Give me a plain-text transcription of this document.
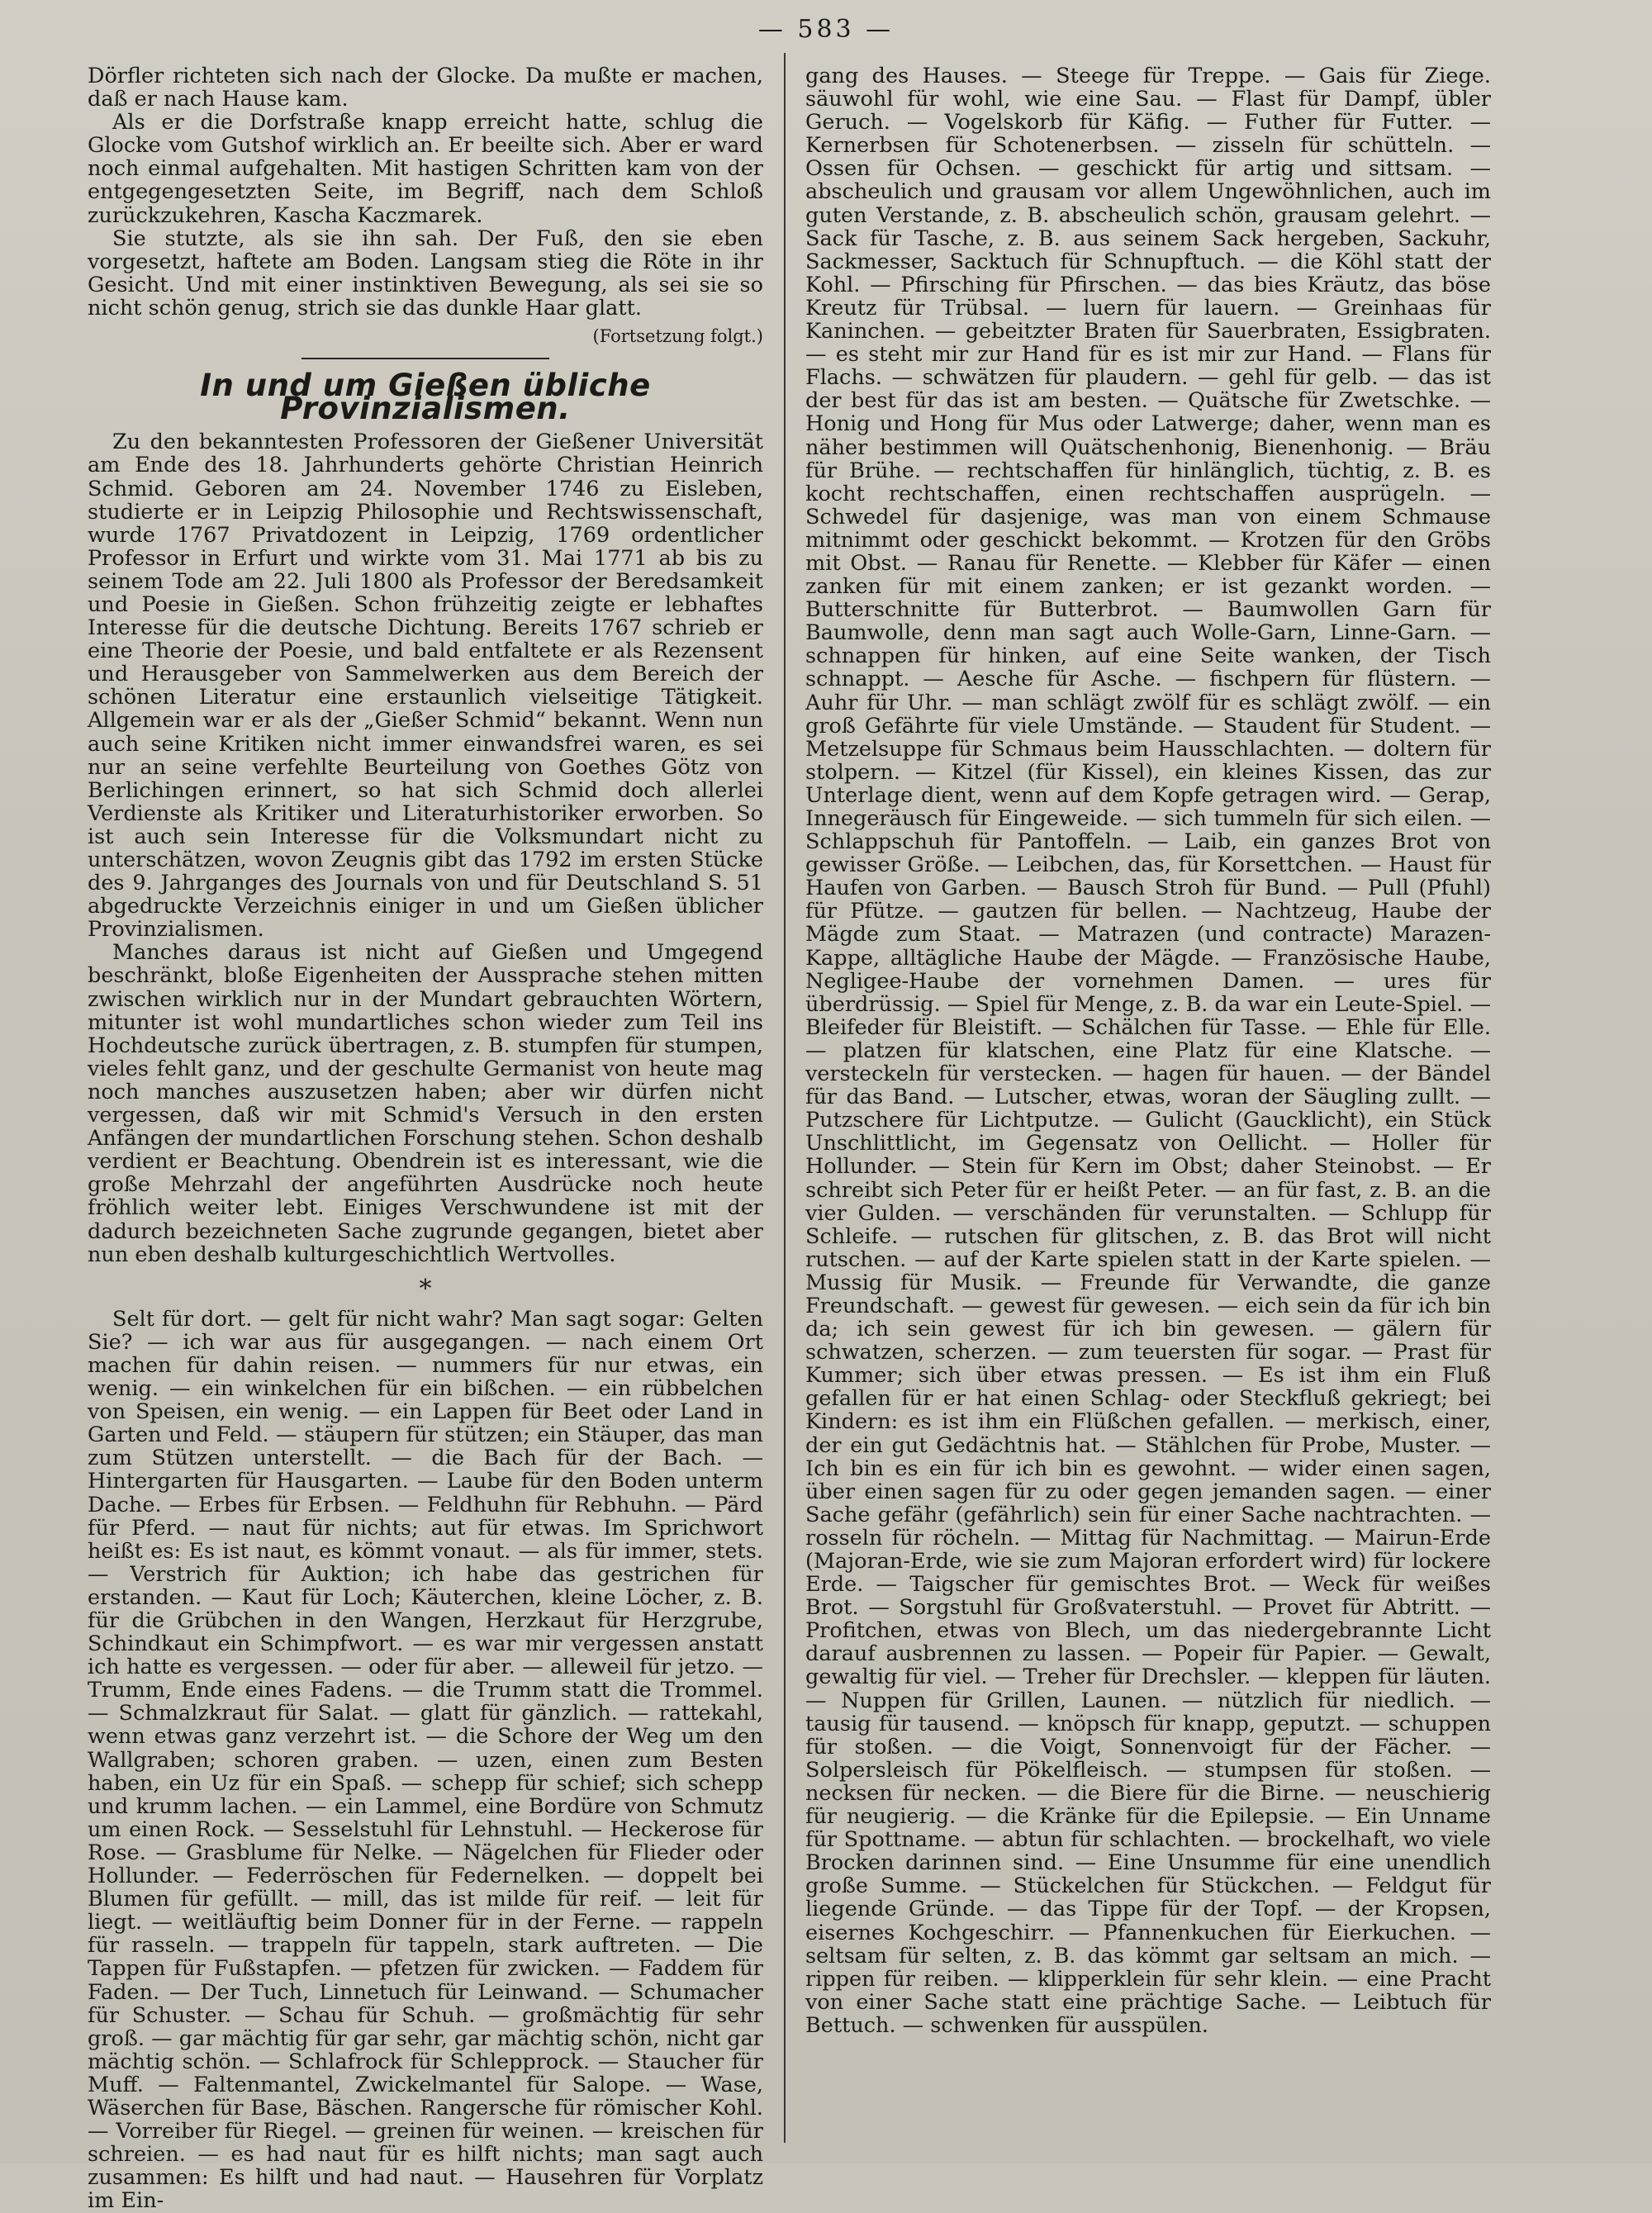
— 583 —

Dörfler richteten sich nach der Glocke. Da mußte er machen, daß er nach Hause kam.

Als er die Dorfstraße knapp erreicht hatte, schlug die Glocke vom Gutshof wirklich an. Er beeilte sich. Aber er ward noch einmal aufgehalten. Mit hastigen Schritten kam von der entgegengesetzten Seite, im Begriff, nach dem Schloß zurückzukehren, Kascha Kaczmarek.

Sie stutzte, als sie ihn sah. Der Fuß, den sie eben vorgesetzt, haftete am Boden. Langsam stieg die Röte in ihr Gesicht. Und mit einer instinktiven Bewegung, als sei sie so nicht schön genug, strich sie das dunkle Haar glatt.

(Fortsetzung folgt.)
In und um Gießen übliche Provinzialismen.

Zu den bekanntesten Professoren der Gießener Universität am Ende des 18. Jahrhunderts gehörte Christian Heinrich Schmid. Geboren am 24. November 1746 zu Eisleben, studierte er in Leipzig Philosophie und Rechtswissenschaft, wurde 1767 Privatdozent in Leipzig, 1769 ordentlicher Professor in Erfurt und wirkte vom 31. Mai 1771 ab bis zu seinem Tode am 22. Juli 1800 als Professor der Beredsamkeit und Poesie in Gießen. Schon frühzeitig zeigte er lebhaftes Interesse für die deutsche Dichtung. Bereits 1767 schrieb er eine Theorie der Poesie, und bald entfaltete er als Rezensent und Herausgeber von Sammelwerken aus dem Bereich der schönen Literatur eine erstaunlich vielseitige Tätigkeit. Allgemein war er als der „Gießer Schmid“ bekannt. Wenn nun auch seine Kritiken nicht immer einwandsfrei waren, es sei nur an seine verfehlte Beurteilung von Goethes Götz von Berlichingen erinnert, so hat sich Schmid doch allerlei Verdienste als Kritiker und Literaturhistoriker erworben. So ist auch sein Interesse für die Volksmundart nicht zu unterschätzen, wovon Zeugnis gibt das 1792 im ersten Stücke des 9. Jahrganges des Journals von und für Deutschland S. 51 abgedruckte Verzeichnis einiger in und um Gießen üblicher Provinzialismen.

Manches daraus ist nicht auf Gießen und Umgegend beschränkt, bloße Eigenheiten der Aussprache stehen mitten zwischen wirklich nur in der Mundart gebrauchten Wörtern, mitunter ist wohl mundartliches schon wieder zum Teil ins Hochdeutsche zurück übertragen, z. B. stumpfen für stumpen, vieles fehlt ganz, und der geschulte Germanist von heute mag noch manches auszusetzen haben; aber wir dürfen nicht vergessen, daß wir mit Schmid's Versuch in den ersten Anfängen der mundartlichen Forschung stehen. Schon deshalb verdient er Beachtung. Obendrein ist es interessant, wie die große Mehrzahl der angeführten Ausdrücke noch heute fröhlich weiter lebt. Einiges Verschwundene ist mit der dadurch bezeichneten Sache zugrunde gegangen, bietet aber nun eben deshalb kulturgeschichtlich Wertvolles.

*

Selt für dort. — gelt für nicht wahr? Man sagt sogar: Gelten Sie? — ich war aus für ausgegangen. — nach einem Ort machen für dahin reisen. — nummers für nur etwas, ein wenig. — ein winkelchen für ein bißchen. — ein rübbelchen von Speisen, ein wenig. — ein Lappen für Beet oder Land in Garten und Feld. — stäupern für stützen; ein Stäuper, das man zum Stützen unterstellt. — die Bach für der Bach. — Hintergarten für Hausgarten. — Laube für den Boden unterm Dache. — Erbes für Erbsen. — Feldhuhn für Rebhuhn. — Pärd für Pferd. — naut für nichts; aut für etwas. Im Sprichwort heißt es: Es ist naut, es kömmt vonaut. — als für immer, stets. — Verstrich für Auktion; ich habe das gestrichen für erstanden. — Kaut für Loch; Käuterchen, kleine Löcher, z. B. für die Grübchen in den Wangen, Herzkaut für Herzgrube, Schindkaut ein Schimpfwort. — es war mir vergessen anstatt ich hatte es vergessen. — oder für aber. — alleweil für jetzo. — Trumm, Ende eines Fadens. — die Trumm statt die Trommel. — Schmalzkraut für Salat. — glatt für gänzlich. — rattekahl, wenn etwas ganz verzehrt ist. — die Schore der Weg um den Wallgraben; schoren graben. — uzen, einen zum Besten haben, ein Uz für ein Spaß. — schepp für schief; sich schepp und krumm lachen. — ein Lammel, eine Bordüre von Schmutz um einen Rock. — Sesselstuhl für Lehnstuhl. — Heckerose für Rose. — Grasblume für Nelke. — Nägelchen für Flieder oder Hollunder. — Federröschen für Federnelken. — doppelt bei Blumen für gefüllt. — mill, das ist milde für reif. — leit für liegt. — weitläuftig beim Donner für in der Ferne. — rappeln für rasseln. — trappeln für tappeln, stark auftreten. — Die Tappen für Fußstapfen. — pfetzen für zwicken. — Faddem für Faden. — Der Tuch, Linnetuch für Leinwand. — Schumacher für Schuster. — Schau für Schuh. — großmächtig für sehr groß. — gar mächtig für gar sehr, gar mächtig schön, nicht gar mächtig schön. — Schlafrock für Schlepprock. — Staucher für Muff. — Faltenmantel, Zwickelmantel für Salope. — Wase, Wäserchen für Base, Bäschen. Rangersche für römischer Kohl. — Vorreiber für Riegel. — greinen für weinen. — kreischen für schreien. — es had naut für es hilft nichts; man sagt auch zusammen: Es hilft und had naut. — Hausehren für Vorplatz im Ein-

gang des Hauses. — Steege für Treppe. — Gais für Ziege. säuwohl für wohl, wie eine Sau. — Flast für Dampf, übler Geruch. — Vogelskorb für Käfig. — Futher für Futter. — Kernerbsen für Schotenerbsen. — zisseln für schütteln. — Ossen für Ochsen. — geschickt für artig und sittsam. — abscheulich und grausam vor allem Ungewöhnlichen, auch im guten Verstande, z. B. abscheulich schön, grausam gelehrt. — Sack für Tasche, z. B. aus seinem Sack hergeben, Sackuhr, Sackmesser, Sacktuch für Schnupftuch. — die Köhl statt der Kohl. — Pfirsching für Pfirschen. — das bies Kräutz, das böse Kreutz für Trübsal. — luern für lauern. — Greinhaas für Kaninchen. — gebeitzter Braten für Sauerbraten, Essigbraten. — es steht mir zur Hand für es ist mir zur Hand. — Flans für Flachs. — schwätzen für plaudern. — gehl für gelb. — das ist der best für das ist am besten. — Quätsche für Zwetschke. — Honig und Hong für Mus oder Latwerge; daher, wenn man es näher bestimmen will Quätschenhonig, Bienenhonig. — Bräu für Brühe. — rechtschaffen für hinlänglich, tüchtig, z. B. es kocht rechtschaffen, einen rechtschaffen ausprügeln. — Schwedel für dasjenige, was man von einem Schmause mitnimmt oder geschickt bekommt. — Krotzen für den Gröbs mit Obst. — Ranau für Renette. — Klebber für Käfer — einen zanken für mit einem zanken; er ist gezankt worden. — Butterschnitte für Butterbrot. — Baumwollen Garn für Baumwolle, denn man sagt auch Wolle-Garn, Linne-Garn. — schnappen für hinken, auf eine Seite wanken, der Tisch schnappt. — Aesche für Asche. — fischpern für flüstern. — Auhr für Uhr. — man schlägt zwölf für es schlägt zwölf. — ein groß Gefährte für viele Umstände. — Staudent für Student. — Metzelsuppe für Schmaus beim Hausschlachten. — doltern für stolpern. — Kitzel (für Kissel), ein kleines Kissen, das zur Unterlage dient, wenn auf dem Kopfe getragen wird. — Gerap, Innegeräusch für Eingeweide. — sich tummeln für sich eilen. — Schlappschuh für Pantoffeln. — Laib, ein ganzes Brot von gewisser Größe. — Leibchen, das, für Korsettchen. — Haust für Haufen von Garben. — Bausch Stroh für Bund. — Pull (Pfuhl) für Pfütze. — gautzen für bellen. — Nachtzeug, Haube der Mägde zum Staat. — Matrazen (und contracte) Marazen-Kappe, alltägliche Haube der Mägde. — Französische Haube, Negligee-Haube der vornehmen Damen. — ures für überdrüssig. — Spiel für Menge, z. B. da war ein Leute-Spiel. — Bleifeder für Bleistift. — Schälchen für Tasse. — Ehle für Elle. — platzen für klatschen, eine Platz für eine Klatsche. — versteckeln für verstecken. — hagen für hauen. — der Bändel für das Band. — Lutscher, etwas, woran der Säugling zullt. — Putzschere für Lichtputze. — Gulicht (Gaucklicht), ein Stück Unschlittlicht, im Gegensatz von Oellicht. — Holler für Hollunder. — Stein für Kern im Obst; daher Steinobst. — Er schreibt sich Peter für er heißt Peter. — an für fast, z. B. an die vier Gulden. — verschänden für verunstalten. — Schlupp für Schleife. — rutschen für glitschen, z. B. das Brot will nicht rutschen. — auf der Karte spielen statt in der Karte spielen. — Mussig für Musik. — Freunde für Verwandte, die ganze Freundschaft. — gewest für gewesen. — eich sein da für ich bin da; ich sein gewest für ich bin gewesen. — gälern für schwatzen, scherzen. — zum teuersten für sogar. — Prast für Kummer; sich über etwas pressen. — Es ist ihm ein Fluß gefallen für er hat einen Schlag- oder Steckfluß gekriegt; bei Kindern: es ist ihm ein Flüßchen gefallen. — merkisch, einer, der ein gut Gedächtnis hat. — Stählchen für Probe, Muster. — Ich bin es ein für ich bin es gewohnt. — wider einen sagen, über einen sagen für zu oder gegen jemanden sagen. — einer Sache gefähr (gefährlich) sein für einer Sache nachtrachten. — rosseln für röcheln. — Mittag für Nachmittag. — Mairun-Erde (Majoran-Erde, wie sie zum Majoran erfordert wird) für lockere Erde. — Taigscher für gemischtes Brot. — Weck für weißes Brot. — Sorgstuhl für Großvaterstuhl. — Provet für Abtritt. — Profitchen, etwas von Blech, um das niedergebrannte Licht darauf ausbrennen zu lassen. — Popeir für Papier. — Gewalt, gewaltig für viel. — Treher für Drechsler. — kleppen für läuten. — Nuppen für Grillen, Launen. — nützlich für niedlich. — tausig für tausend. — knöpsch für knapp, geputzt. — schuppen für stoßen. — die Voigt, Sonnenvoigt für der Fächer. — Solpersleisch für Pökelfleisch. — stumpsen für stoßen. — necksen für necken. — die Biere für die Birne. — neuschierig für neugierig. — die Kränke für die Epilepsie. — Ein Unname für Spottname. — abtun für schlachten. — brockelhaft, wo viele Brocken darinnen sind. — Eine Unsumme für eine unendlich große Summe. — Stückelchen für Stückchen. — Feldgut für liegende Gründe. — das Tippe für der Topf. — der Kropsen, eisernes Kochgeschirr. — Pfannenkuchen für Eierkuchen. — seltsam für selten, z. B. das kömmt gar seltsam an mich. — rippen für reiben. — klipperklein für sehr klein. — eine Pracht von einer Sache statt eine prächtige Sache. — Leibtuch für Bettuch. — schwenken für ausspülen.
